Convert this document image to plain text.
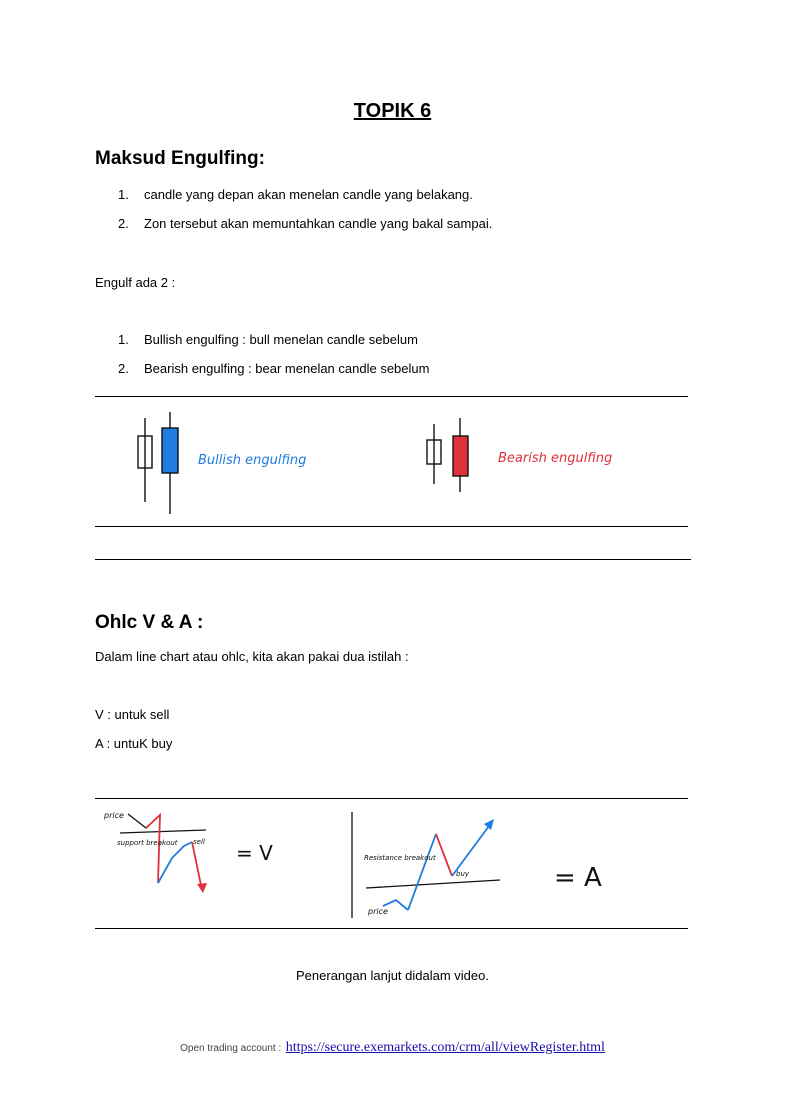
TOPIK 6
Maksud Engulfing:
1. candle yang depan akan menelan candle yang belakang.
2. Zon tersebut akan memuntahkan candle yang bakal sampai.
Engulf ada 2 :
1. Bullish engulfing : bull menelan candle sebelum
2. Bearish engulfing : bear menelan candle sebelum
Bullish engulfing	Bearish engulfing
Ohlc V & A :
Dalam line chart atau ohlc, kita akan pakai dua istilah :
V : untuk sell
A : untuK buy
price
support breakout sell = V	Resistance breakout
buy
price
= A
Penerangan lanjut didalam video.
Open trading account : https://secure.exemarkets.com/crm/all/viewRegister.html
